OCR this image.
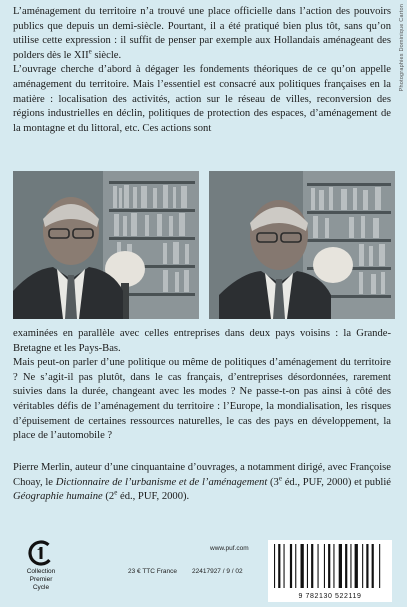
Photographies Dominique Carton

L’aménagement du territoire n’a trouvé une place officielle dans l’action des pouvoirs publics que depuis un demi-siècle. Pourtant, il a été pratiqué bien plus tôt, sans qu’on utilise cette expression : il suffit de penser par exemple aux Hollandais aménageant des polders dès le XIIe siècle.

L’ouvrage cherche d’abord à dégager les fondements théoriques de ce qu’on appelle aménagement du territoire. Mais l’essentiel est consacré aux politiques françaises en la matière : localisation des activités, action sur le réseau de villes, reconversion des régions industrielles en déclin, politiques de protection des espaces, d’aménagement de la montagne et du littoral, etc. Ces actions sont

examinées en parallèle avec celles entreprises dans deux pays voisins : la Grande-Bretagne et les Pays-Bas.

Mais peut-on parler d’une politique ou même de politiques d’aménagement du territoire ? Ne s’agit-il pas plutôt, dans le cas français, d’entreprises désordonnées, rarement suivies dans la durée, changeant avec les modes ? Ne passe-t-on pas ainsi à côté des véritables défis de l’aménagement du territoire : l’Europe, la mondialisation, les risques d’épuisement de certaines ressources naturelles, le cas des pays en développement, la place de l’automobile ?

Pierre Merlin, auteur d’une cinquantaine d’ouvrages, a notamment dirigé, avec Françoise Choay, le Dictionnaire de l’urbanisme et de l’aménagement (3e éd., PUF, 2000) et publié Géographie humaine (2e éd., PUF, 2000).

Collection
Premier
Cycle
www.puf.com
23 € TTC France 22417927 / 9 / 02
9 782130 522119
